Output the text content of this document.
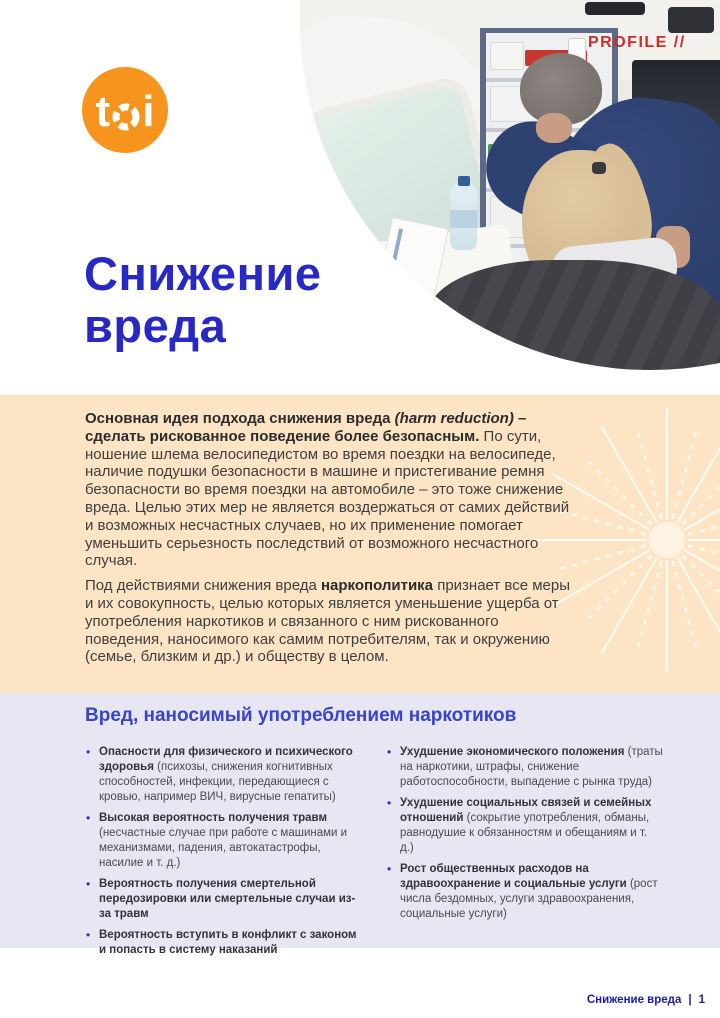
PROFILE //
t i
Снижение
вреда

Основная идея подхода снижения вреда (harm reduction) – сделать рискованное поведение более безопасным. По сути, ношение шлема велосипедистом во время поездки на велосипеде, наличие подушки безопасности в машине и пристегивание ремня безопасности во время поездки на автомобиле – это тоже снижение вреда. Целью этих мер не является воздержаться от самих действий и возможных несчастных случаев, но их применение помогает уменьшить серьезность последствий от возможного несчастного случая.

Под действиями снижения вреда наркополитика признает все меры и их совокупность, целью которых является уменьшение ущерба от употребления наркотиков и связанного с ним рискованного поведения, наносимого как самим потребителям, так и окружению (семье, близким и др.) и обществу в целом.

Вред, наносимый употреблением наркотиков
• Опасности для физического и психического здоровья (психозы, снижения когнитивных способностей, инфекции, передающиеся с кровью, например ВИЧ, вирусные гепатиты)
• Высокая вероятность получения травм (несчастные случае при работе с машинами и механизмами, падения, автокатастрофы, насилие и т. д.)
• Вероятность получения смертельной передозировки или смертельные случаи из-за травм
• Вероятность вступить в конфликт с законом и попасть в систему наказаний
• Ухудшение экономического положения (траты на наркотики, штрафы, снижение работоспособности, выпадение с рынка труда)
• Ухудшение социальных связей и семейных отношений (сокрытие употребления, обманы, равнодушие к обязанностям и обещаниям и т. д.)
• Рост общественных расходов на здравоохранение и социальные услуги (рост числа бездомных, услуги здравоохранения, социальные услуги)
Снижение вреда | 1
